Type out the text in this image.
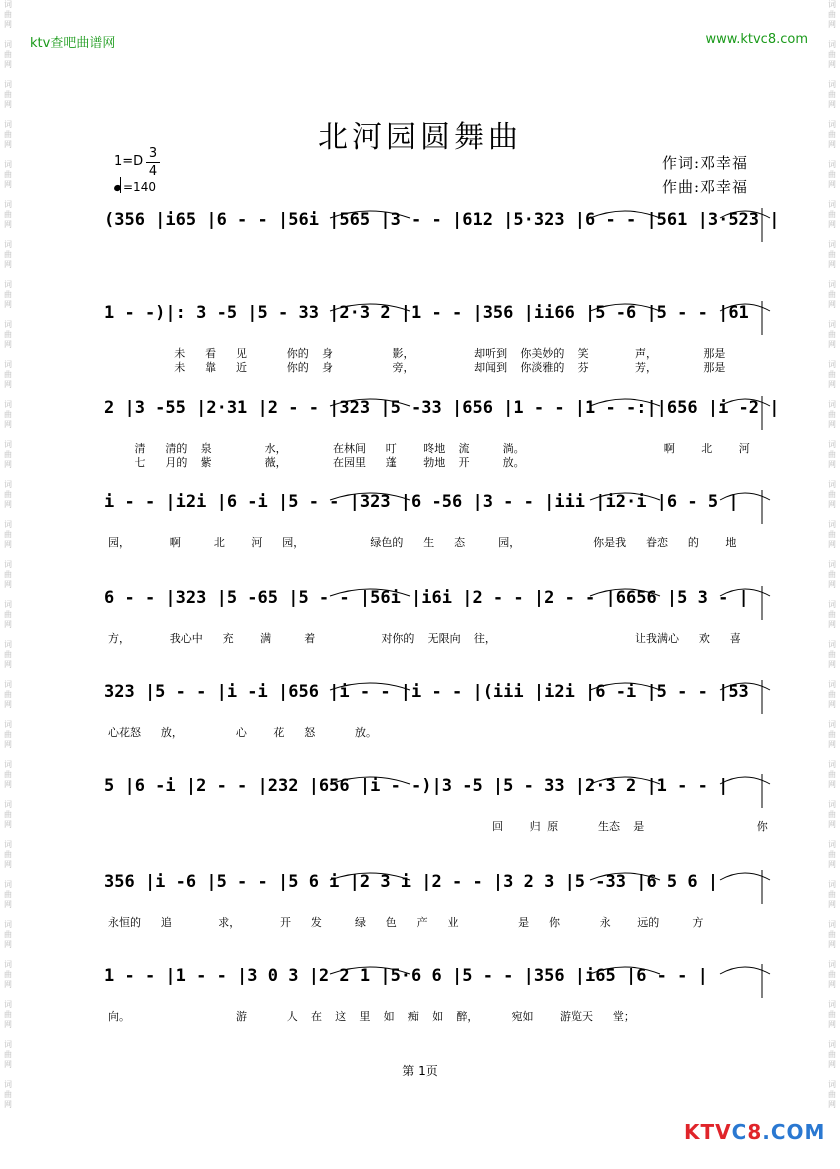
词
曲
网

词
曲
网

词
曲
网

词
曲
网

词
曲
网

词
曲
网

词
曲
网

词
曲
网

词
曲
网

词
曲
网

词
曲
网

词
曲
网

词
曲
网

词
曲
网

词
曲
网

词
曲
网

词
曲
网

词
曲
网

词
曲
网

词
曲
网

词
曲
网

词
曲
网

词
曲
网

词
曲
网

词
曲
网

词
曲
网

词
曲
网

词
曲
网

词
曲
网

词
曲
网

词
曲
网

词
曲
网

词
曲
网

词
曲
网

词
曲
网

词
曲
网

词
曲
网

词
曲
网

词
曲
网

词
曲
网

词
曲
网

词
曲
网

词
曲
网

词
曲
网

词
曲
网

词
曲
网

词
曲
网

词
曲
网

词
曲
网

词
曲
网

词
曲
网

词
曲
网

词
曲
网

词
曲
网

词
曲
网

词
曲
网

ktv查吧曲谱网	www.ktvc8.com
北河园圆舞曲
1=D
3
4
=140
作词:邓幸福
作曲:邓幸福
(356 |i65 |6 - - |56i |565 |3 - - |612 |5·323 |6 - - |561 |3·523 |
1 - -)|: 3 -5 |5 - 33 |2·3 2 |1 - - |356 |ii66 |5 -6 |5 - - |61
未   看   见      你的  身         影，         却听到  你美妙的  笑       声，       那是
未   靠   近      你的  身         旁，         却闻到  你淡雅的  芬       芳，       那是
2 |3 -55 |2·31 |2 - - |323 |5 -33 |656 |1 - - |1 - -:||656 |i -2 |
清   清的  泉        水，       在林间   叮    咚地  流     淌。                     啊    北    河
七   月的  紫        薇，       在园里   蓬    勃地  开     放。
i - - |i2i |6 -i |5 - - |323 |6 -56 |3 - - |iii |i2·i |6 - 5 |
园，      啊     北    河   园，          绿色的   生   态     园，           你是我   眷恋   的    地
6 - - |323 |5 -65 |5 - - |56i |i6i |2 - - |2 - - |6656 |5 3 - |
方，      我心中   充    满     着          对你的  无限向  往，                     让我满心   欢   喜
323 |5 - - |i -i |656 |i - - |i - - |(iii |i2i |6 -i |5 - - |53
心花怒   放，        心    花   怒      放。
5 |6 -i |2 - - |232 |656 |i - -)|3 -5 |5 - 33 |2·3 2 |1 - - |
回    归 原      生态  是                 你
356 |i -6 |5 - - |5 6 i |2 3 i |2 - - |3 2 3 |5 -33 |6 5 6 |
永恒的   追       求，      开   发     绿   色   产   业         是   你      永    远的     方
1 - - |1 - - |3 0 3 |2 2 1 |5·6 6 |5 - - |356 |i65 |6 - - |
向。                游      人  在  这  里  如  痴  如  醉，     宛如    游览天   堂；
第 1页
KTVC8.COM
